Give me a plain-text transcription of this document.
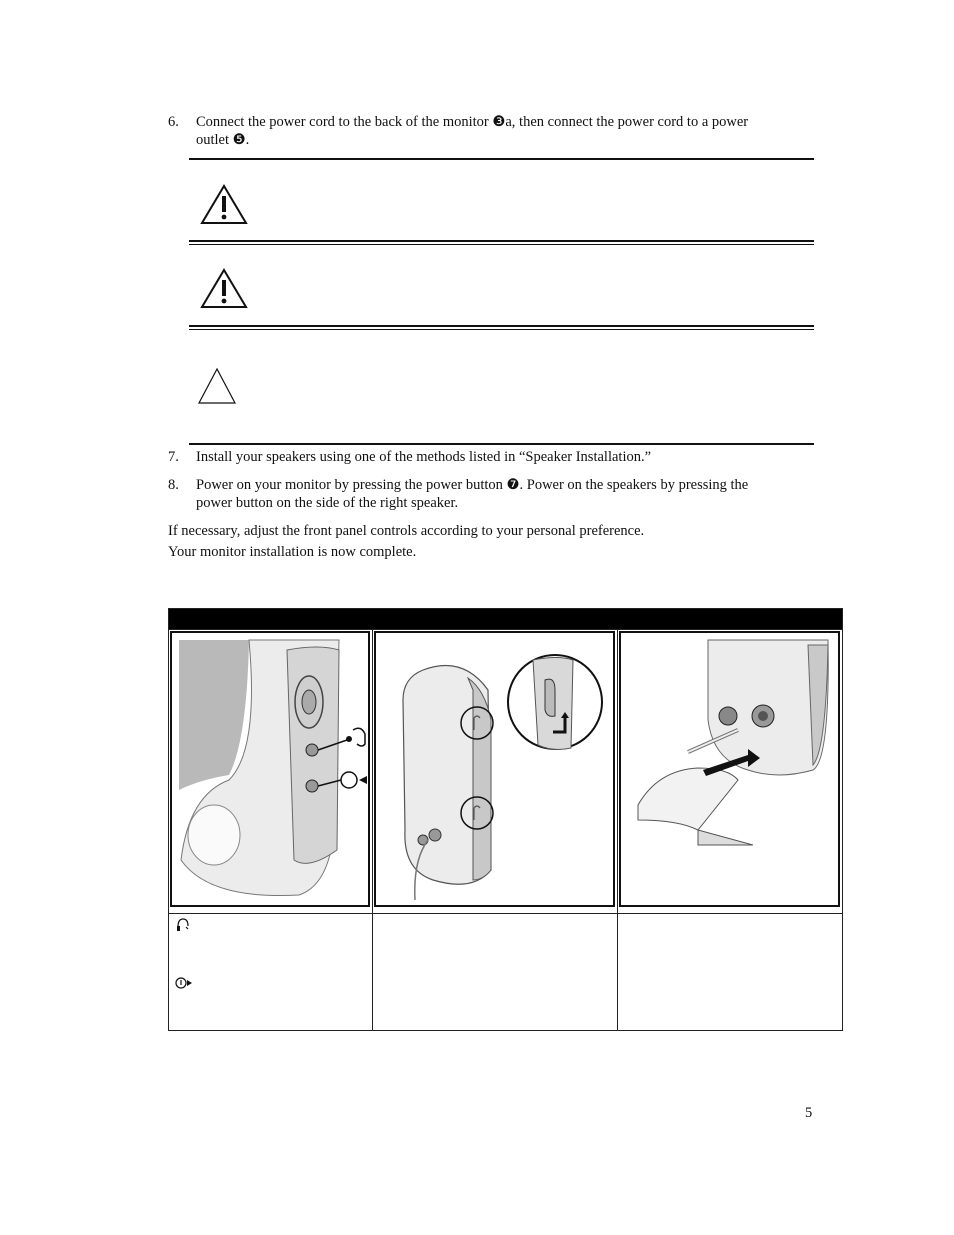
6. Connect the power cord to the back of the monitor ❸a, then connect the power cord to a power
outlet ❺.
7. Install your speakers using one of the methods listed in “Speaker Installation.”
8. Power on your monitor by pressing the power button ❼. Power on the speakers by pressing the
power button on the side of the right speaker.
If necessary, adjust the front panel controls according to your personal preference.
Your monitor installation is now complete.

5
